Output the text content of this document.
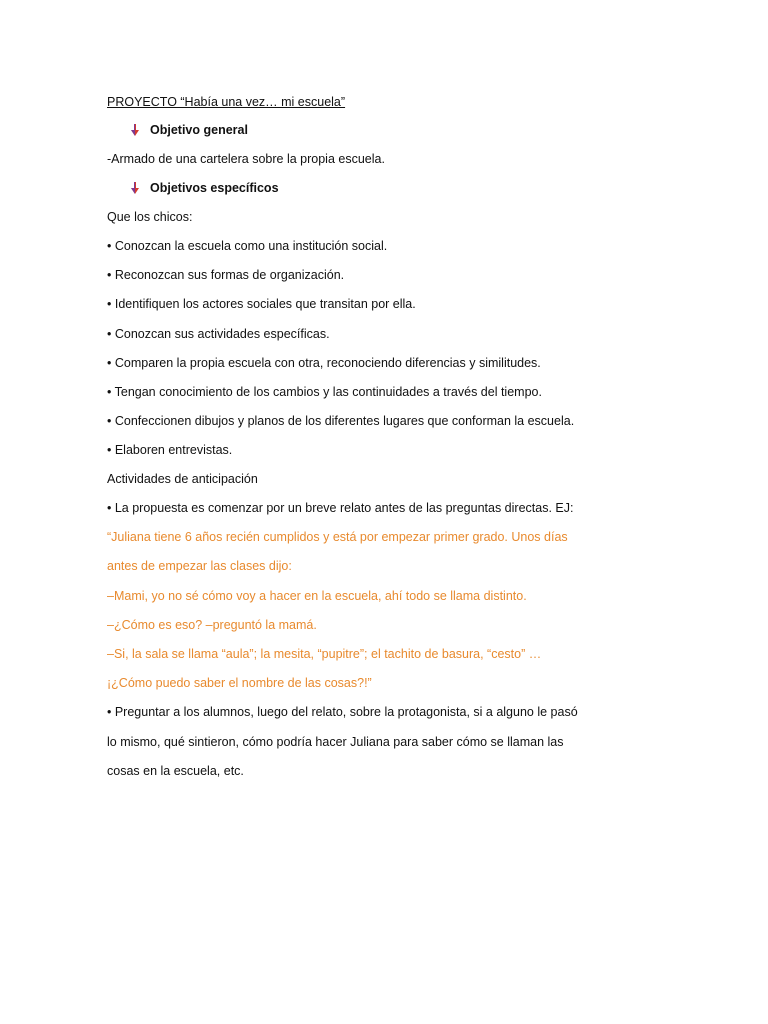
PROYECTO “Había una vez… mi escuela”
Objetivo general
-Armado de una cartelera sobre la propia escuela.
Objetivos específicos
Que los chicos:
• Conozcan la escuela como una institución social.
• Reconozcan sus formas de organización.
• Identifiquen los actores sociales que transitan por ella.
• Conozcan sus actividades específicas.
• Comparen la propia escuela con otra, reconociendo diferencias y similitudes.
• Tengan conocimiento de los cambios y las continuidades a través del tiempo.
• Confeccionen dibujos y planos de los diferentes lugares que conforman la escuela.
• Elaboren entrevistas.
Actividades de anticipación
• La propuesta es comenzar por un breve relato antes de las preguntas directas. EJ:
“Juliana tiene 6 años recién cumplidos y está por empezar primer grado. Unos días
antes de empezar las clases dijo:
–Mami, yo no sé cómo voy a hacer en la escuela, ahí todo se llama distinto.
–¿Cómo es eso? –preguntó la mamá.
–Si, la sala se llama “aula”; la mesita, “pupitre”; el tachito de basura, “cesto” …
¡¿Cómo puedo saber el nombre de las cosas?!”
• Preguntar a los alumnos, luego del relato, sobre la protagonista, si a alguno le pasó
lo mismo, qué sintieron, cómo podría hacer Juliana para saber cómo se llaman las
cosas en la escuela, etc.
